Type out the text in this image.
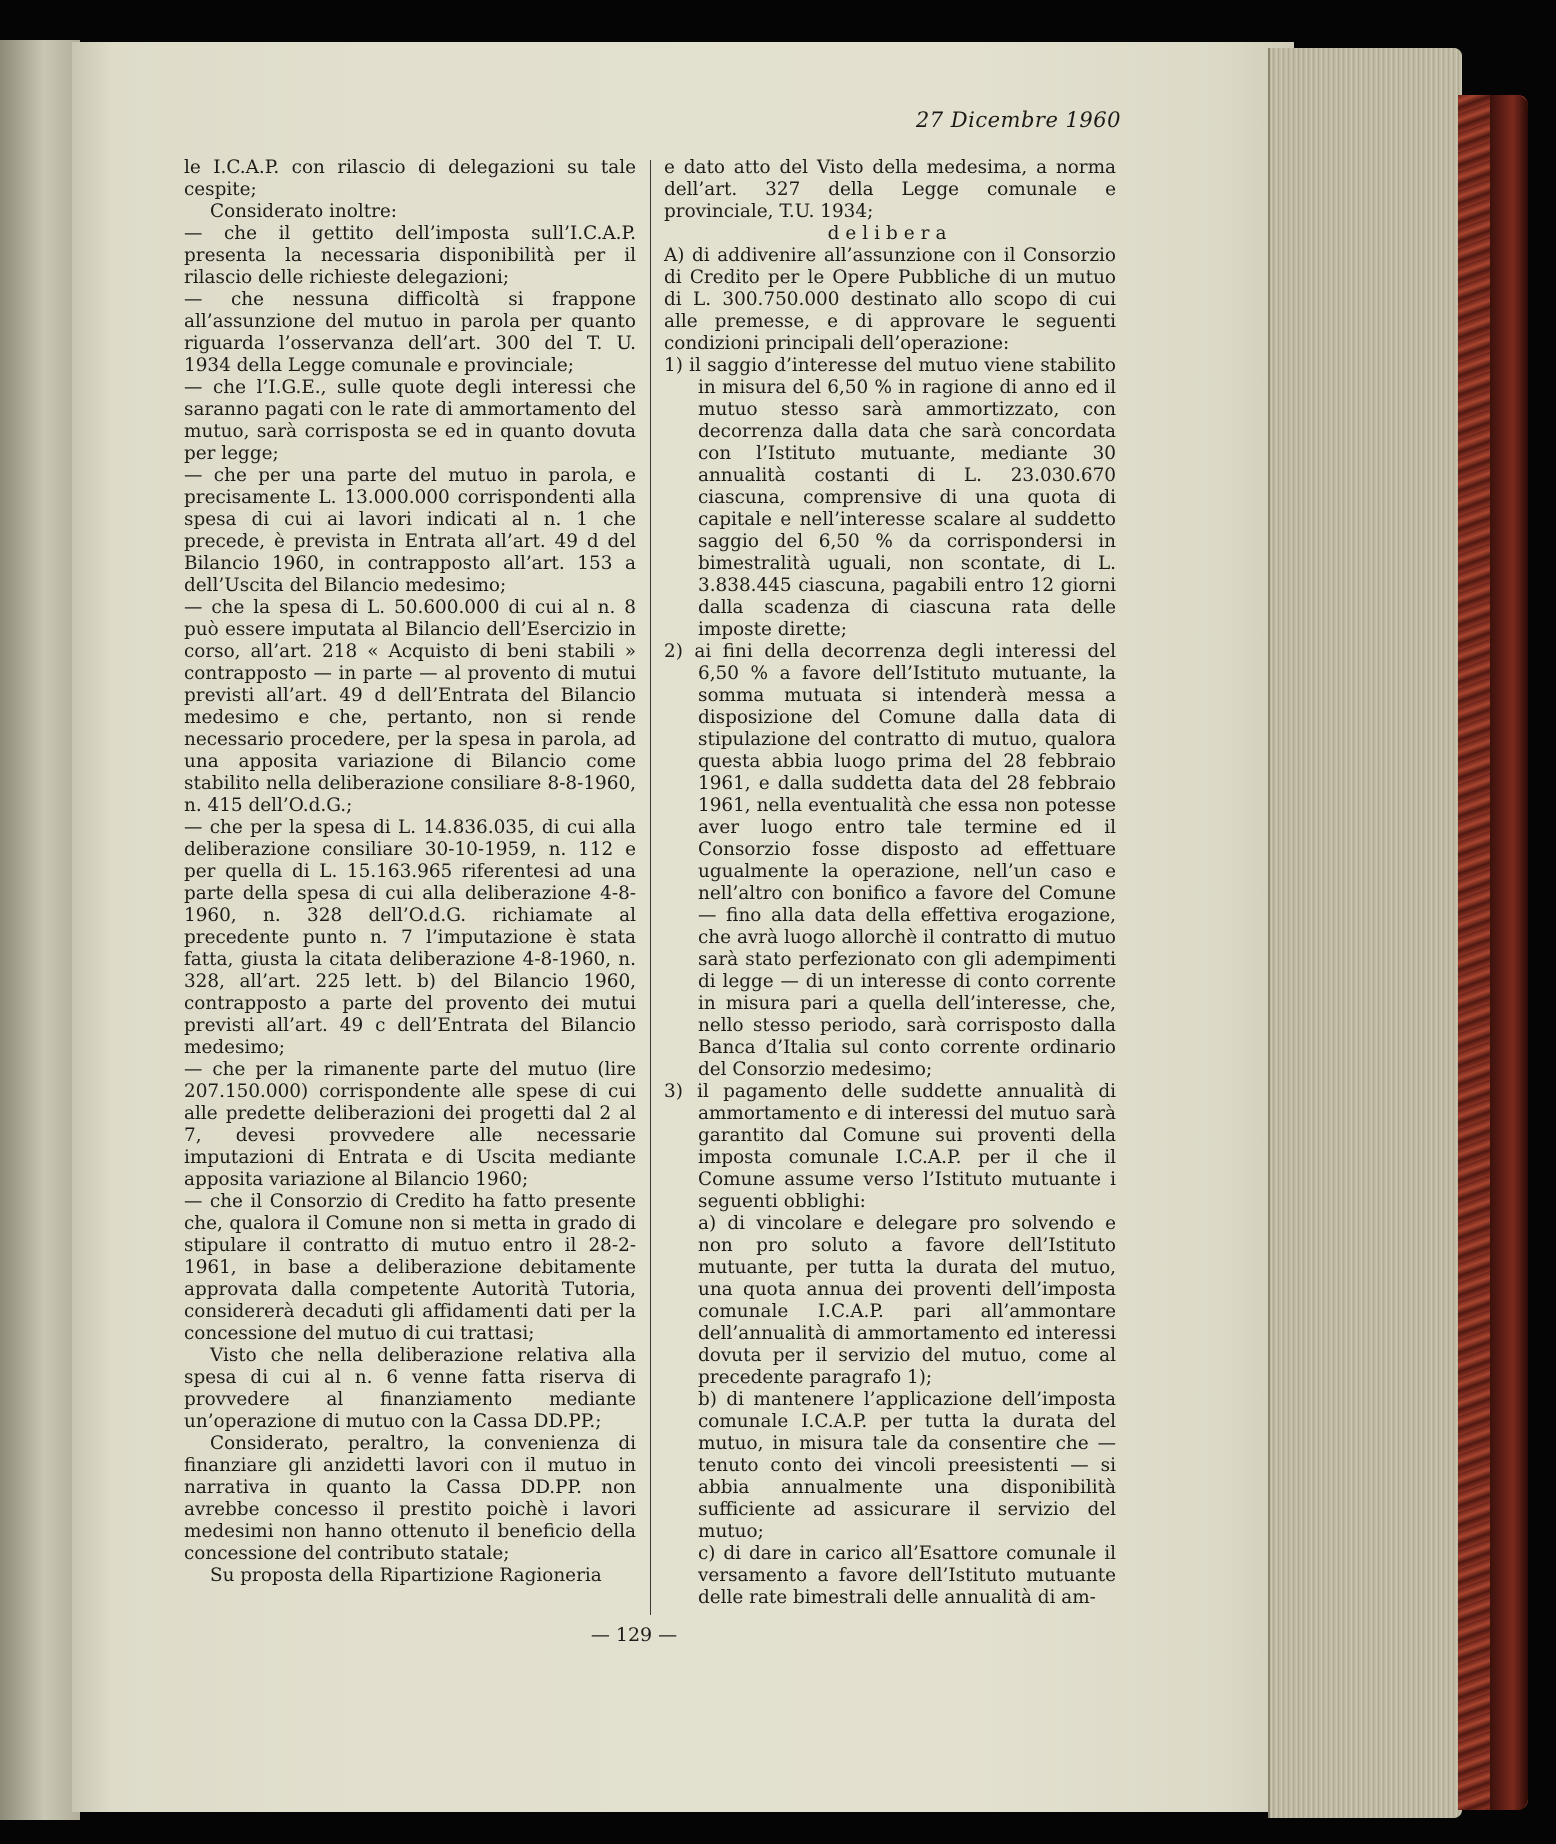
27 Dicembre 1960

le I.C.A.P. con rilascio di delegazioni su tale cespite;

Considerato inoltre:

— che il gettito dell’imposta sull’I.C.A.P. presenta la necessaria disponibilità per il rilascio delle richieste delegazioni;

— che nessuna difficoltà si frappone all’assunzione del mutuo in parola per quanto riguarda l’osservanza dell’art. 300 del T. U. 1934 della Legge comunale e provinciale;

— che l’I.G.E., sulle quote degli interessi che saranno pagati con le rate di ammortamento del mutuo, sarà corrisposta se ed in quanto dovuta per legge;

— che per una parte del mutuo in parola, e precisamente L. 13.000.000 corrispondenti alla spesa di cui ai lavori indicati al n. 1 che precede, è prevista in Entrata all’art. 49 d del Bilancio 1960, in contrapposto all’art. 153 a dell’Uscita del Bilancio medesimo;

— che la spesa di L. 50.600.000 di cui al n. 8 può essere imputata al Bilancio dell’Esercizio in corso, all’art. 218 « Acquisto di beni stabili » contrapposto — in parte — al provento di mutui previsti all’art. 49 d dell’Entrata del Bilancio medesimo e che, pertanto, non si rende necessario procedere, per la spesa in parola, ad una apposita variazione di Bilancio come stabilito nella deliberazione consiliare 8-8-1960, n. 415 dell’O.d.G.;

— che per la spesa di L. 14.836.035, di cui alla deliberazione consiliare 30-10-1959, n. 112 e per quella di L. 15.163.965 riferentesi ad una parte della spesa di cui alla deliberazione 4-8-1960, n. 328 dell’O.d.G. richiamate al precedente punto n. 7 l’imputazione è stata fatta, giusta la citata deliberazione 4-8-1960, n. 328, all’art. 225 lett. b) del Bilancio 1960, contrapposto a parte del provento dei mutui previsti all’art. 49 c dell’Entrata del Bilancio medesimo;

— che per la rimanente parte del mutuo (lire 207.150.000) corrispondente alle spese di cui alle predette deliberazioni dei progetti dal 2 al 7, devesi provvedere alle necessarie imputazioni di Entrata e di Uscita mediante apposita variazione al Bilancio 1960;

— che il Consorzio di Credito ha fatto presente che, qualora il Comune non si metta in grado di stipulare il contratto di mutuo entro il 28-2-1961, in base a deliberazione debitamente approvata dalla competente Autorità Tutoria, considererà decaduti gli affidamenti dati per la concessione del mutuo di cui trattasi;

Visto che nella deliberazione relativa alla spesa di cui al n. 6 venne fatta riserva di provvedere al finanziamento mediante un’operazione di mutuo con la Cassa DD.PP.;

Considerato, peraltro, la convenienza di finanziare gli anzidetti lavori con il mutuo in narrativa in quanto la Cassa DD.PP. non avrebbe concesso il prestito poichè i lavori medesimi non hanno ottenuto il beneficio della concessione del contributo statale;

Su proposta della Ripartizione Ragioneria

e dato atto del Visto della medesima, a norma dell’art. 327 della Legge comunale e provinciale, T.U. 1934;

delibera

A) di addivenire all’assunzione con il Consorzio di Credito per le Opere Pubbliche di un mutuo di L. 300.750.000 destinato allo scopo di cui alle premesse, e di approvare le seguenti condizioni principali dell’operazione:

1) il saggio d’interesse del mutuo viene stabilito in misura del 6,50 % in ragione di anno ed il mutuo stesso sarà ammortizzato, con decorrenza dalla data che sarà concordata con l’Istituto mutuante, mediante 30 annualità costanti di L. 23.030.670 ciascuna, comprensive di una quota di capitale e nell’interesse scalare al suddetto saggio del 6,50 % da corrispondersi in bimestralità uguali, non scontate, di L. 3.838.445 ciascuna, pagabili entro 12 giorni dalla scadenza di ciascuna rata delle imposte dirette;

2) ai fini della decorrenza degli interessi del 6,50 % a favore dell’Istituto mutuante, la somma mutuata si intenderà messa a disposizione del Comune dalla data di stipulazione del contratto di mutuo, qualora questa abbia luogo prima del 28 febbraio 1961, e dalla suddetta data del 28 febbraio 1961, nella eventualità che essa non potesse aver luogo entro tale termine ed il Consorzio fosse disposto ad effettuare ugualmente la operazione, nell’un caso e nell’altro con bonifico a favore del Comune — fino alla data della effettiva erogazione, che avrà luogo allorchè il contratto di mutuo sarà stato perfezionato con gli adempimenti di legge — di un interesse di conto corrente in misura pari a quella dell’interesse, che, nello stesso periodo, sarà corrisposto dalla Banca d’Italia sul conto corrente ordinario del Consorzio medesimo;

3) il pagamento delle suddette annualità di ammortamento e di interessi del mutuo sarà garantito dal Comune sui proventi della imposta comunale I.C.A.P. per il che il Comune assume verso l’Istituto mutuante i seguenti obblighi:

a) di vincolare e delegare pro solvendo e non pro soluto a favore dell’Istituto mutuante, per tutta la durata del mutuo, una quota annua dei proventi dell’imposta comunale I.C.A.P. pari all’ammontare dell’annualità di ammortamento ed interessi dovuta per il servizio del mutuo, come al precedente paragrafo 1);

b) di mantenere l’applicazione dell’imposta comunale I.C.A.P. per tutta la durata del mutuo, in misura tale da consentire che — tenuto conto dei vincoli preesistenti — si abbia annualmente una disponibilità sufficiente ad assicurare il servizio del mutuo;

c) di dare in carico all’Esattore comunale il versamento a favore dell’Istituto mutuante delle rate bimestrali delle annualità di am-

— 129 —
